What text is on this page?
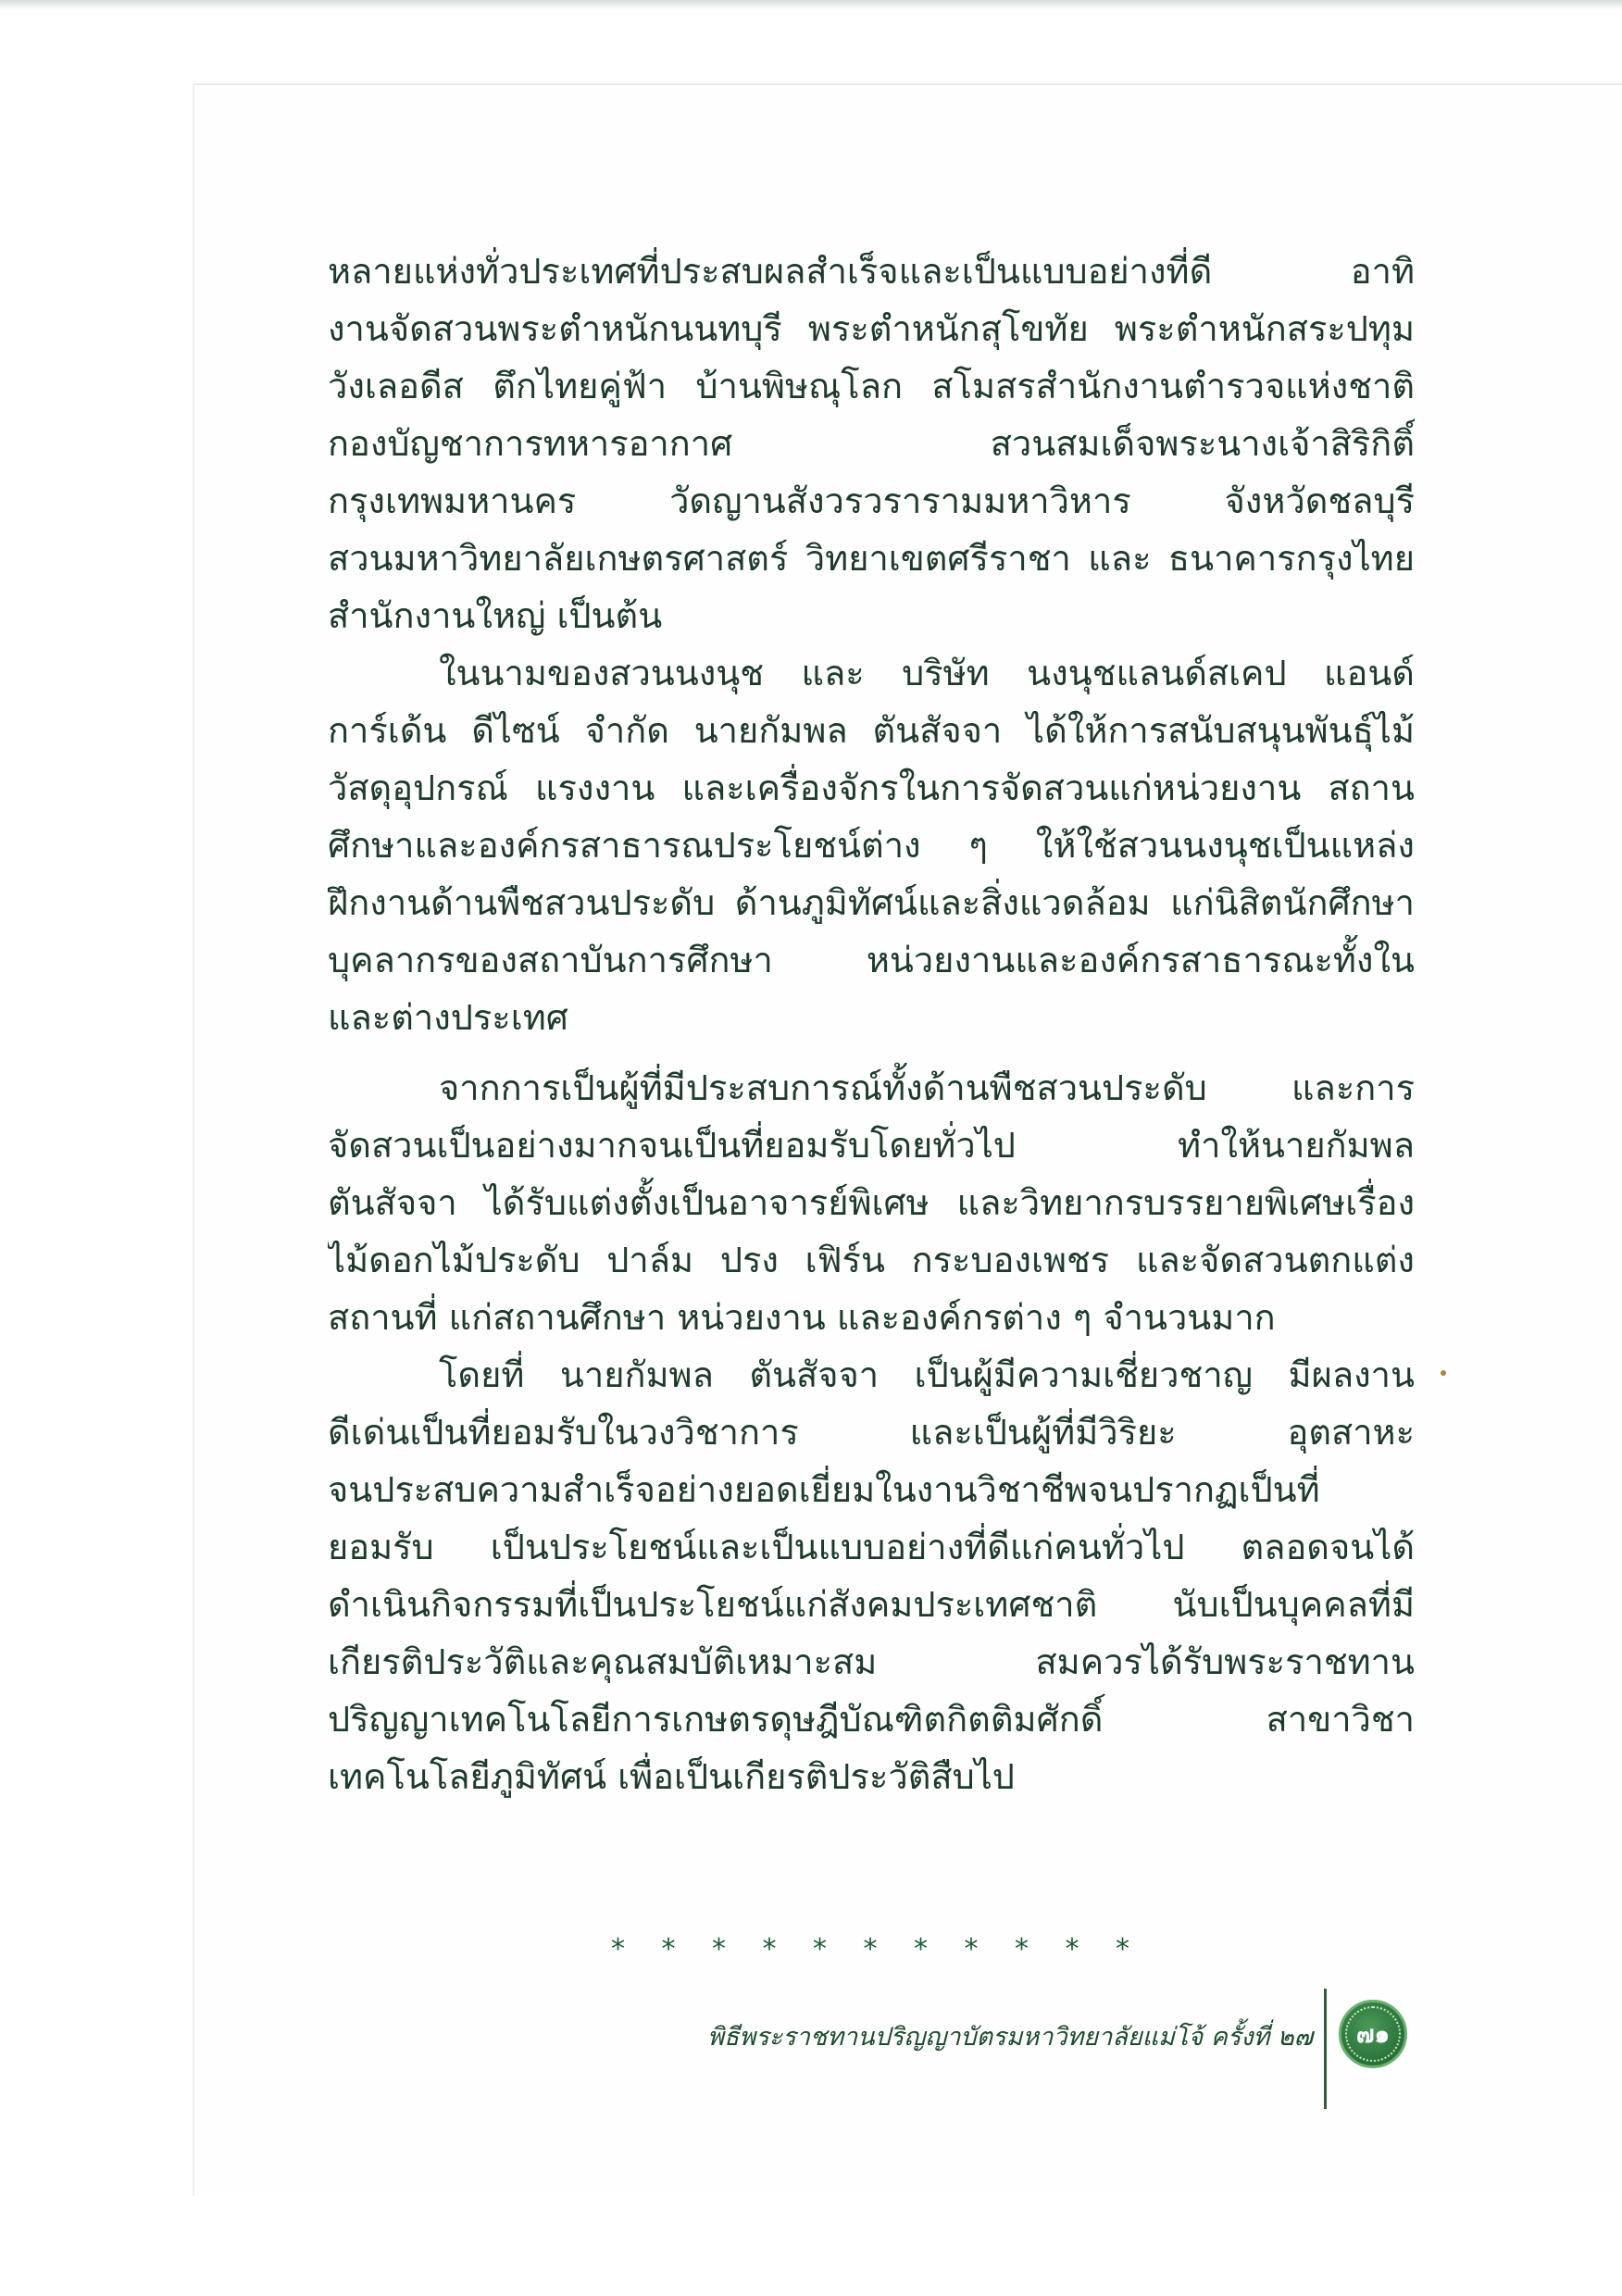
หลายแห่งทั่วประเทศที่ประสบผลสำเร็จและเป็นแบบอย่างที่ดี อาทิ
งานจัดสวนพระตำหนักนนทบุรี พระตำหนักสุโขทัย พระตำหนักสระปทุม
วังเลอดีส ตึกไทยคู่ฟ้า บ้านพิษณุโลก สโมสรสำนักงานตำรวจแห่งชาติ
กองบัญชาการทหารอากาศ สวนสมเด็จพระนางเจ้าสิริกิติ์
กรุงเทพมหานคร วัดญานสังวรวรารามมหาวิหาร จังหวัดชลบุรี
สวนมหาวิทยาลัยเกษตรศาสตร์ วิทยาเขตศรีราชา และ ธนาคารกรุงไทย
สำนักงานใหญ่ เป็นต้น
ในนามของสวนนงนุช และ บริษัท นงนุชแลนด์สเคป แอนด์
การ์เด้น ดีไซน์ จำกัด นายกัมพล ตันสัจจา ได้ให้การสนับสนุนพันธุ์ไม้
วัสดุอุปกรณ์ แรงงาน และเครื่องจักรในการจัดสวนแก่หน่วยงาน สถาน
ศึกษาและองค์กรสาธารณประโยชน์ต่าง ๆ ให้ใช้สวนนงนุชเป็นแหล่ง
ฝึกงานด้านพืชสวนประดับ ด้านภูมิทัศน์และสิ่งแวดล้อม แก่นิสิตนักศึกษา
บุคลากรของสถาบันการศึกษา หน่วยงานและองค์กรสาธารณะทั้งใน
และต่างประเทศ
จากการเป็นผู้ที่มีประสบการณ์ทั้งด้านพืชสวนประดับ และการ
จัดสวนเป็นอย่างมากจนเป็นที่ยอมรับโดยทั่วไป ทำให้นายกัมพล
ตันสัจจา ได้รับแต่งตั้งเป็นอาจารย์พิเศษ และวิทยากรบรรยายพิเศษเรื่อง
ไม้ดอกไม้ประดับ ปาล์ม ปรง เฟิร์น กระบองเพชร และจัดสวนตกแต่ง
สถานที่ แก่สถานศึกษา หน่วยงาน และองค์กรต่าง ๆ จำนวนมาก
โดยที่ นายกัมพล ตันสัจจา เป็นผู้มีความเชี่ยวชาญ มีผลงาน
ดีเด่นเป็นที่ยอมรับในวงวิชาการ และเป็นผู้ที่มีวิริยะ อุตสาหะ
จนประสบความสำเร็จอย่างยอดเยี่ยมในงานวิชาชีพจนปรากฏเป็นที่
ยอมรับ เป็นประโยชน์และเป็นแบบอย่างที่ดีแก่คนทั่วไป ตลอดจนได้
ดำเนินกิจกรรมที่เป็นประโยชน์แก่สังคมประเทศชาติ นับเป็นบุคคลที่มี
เกียรติประวัติและคุณสมบัติเหมาะสม สมควรได้รับพระราชทาน
ปริญญาเทคโนโลยีการเกษตรดุษฎีบัณฑิตกิตติมศักดิ์ สาขาวิชา
เทคโนโลยีภูมิทัศน์ เพื่อเป็นเกียรติประวัติสืบไป
* * * * * * * * * * *
พิธีพระราชทานปริญญาบัตรมหาวิทยาลัยแม่โจ้ ครั้งที่ ๒๗	๗๑
